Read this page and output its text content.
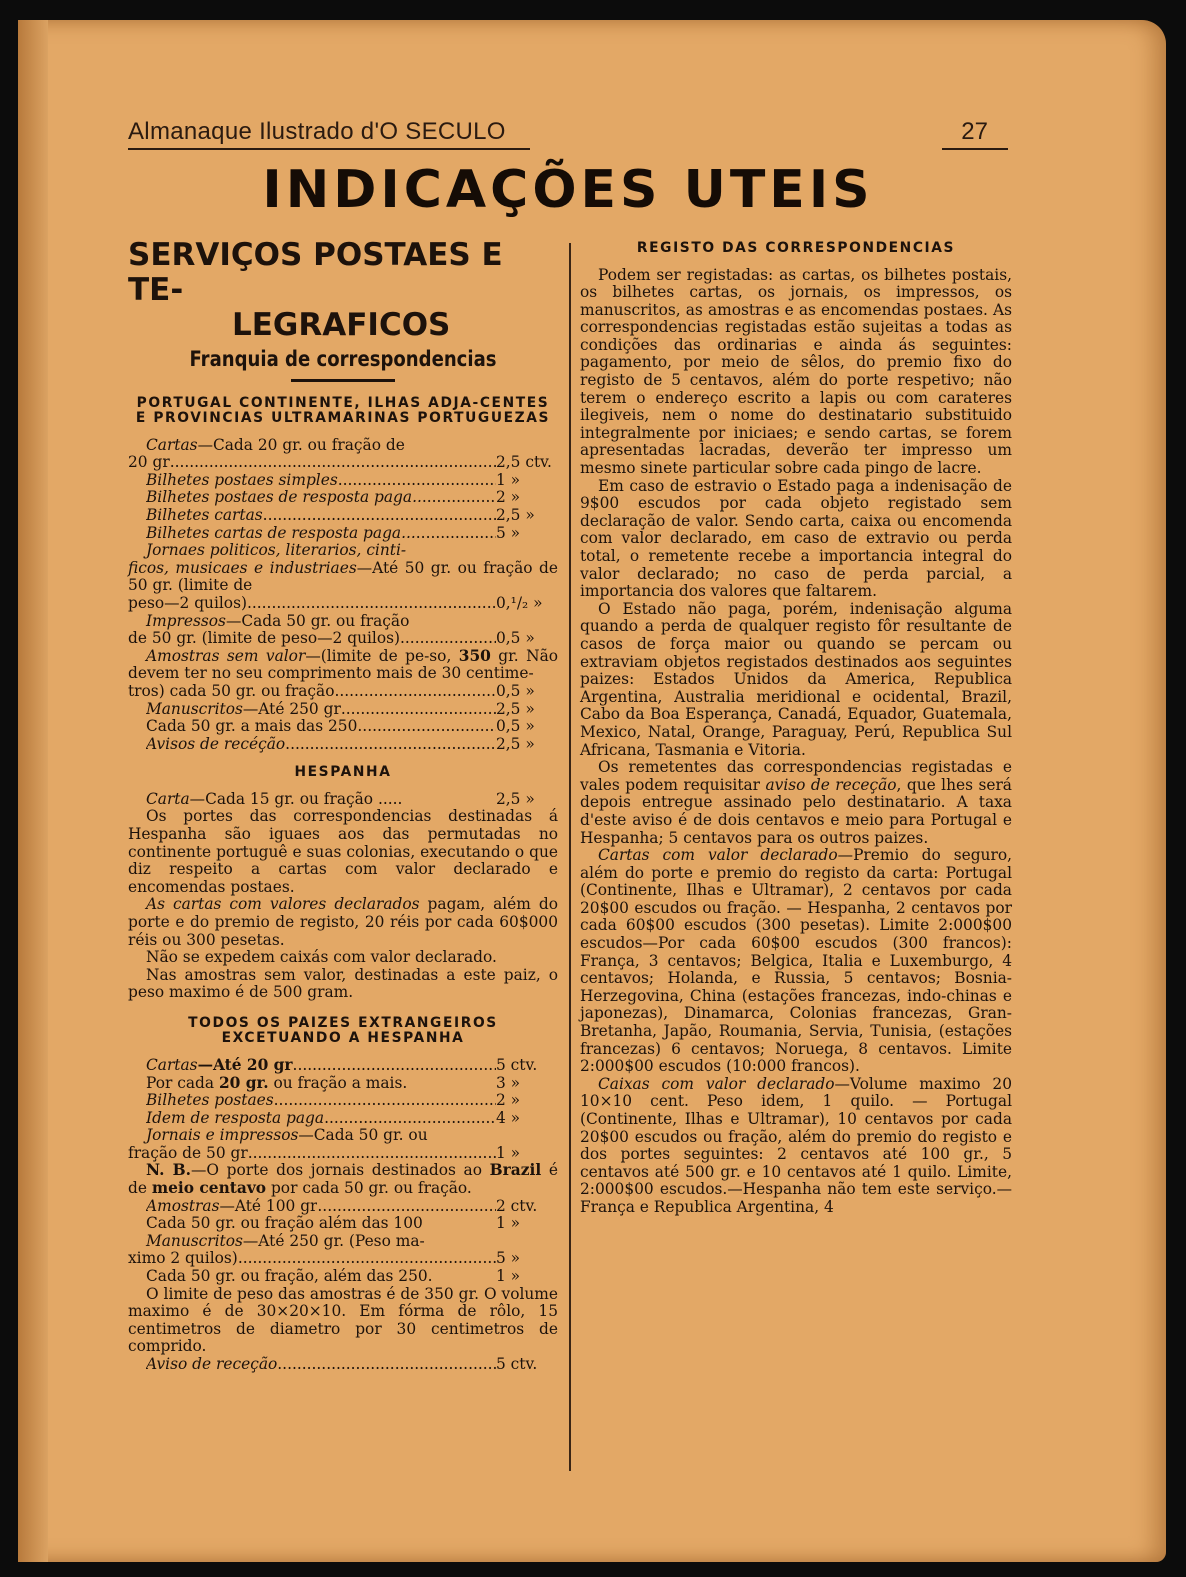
Almanaque Ilustrado d'O SECULO	27
INDICAÇÕES UTEIS
SERVIÇOS POSTAES E TE-
LEGRAFICOS
Franquia de correspondencias
PORTUGAL CONTINENTE, ILHAS ADJA-CENTES E PROVINCIAS ULTRAMARINAS PORTUGUEZAS
Cartas—Cada 20 gr. ou fração de
20 gr .....	2,5 ctv.
Bilhetes postaes simples .....	1 »
Bilhetes postaes de resposta paga.. .....	2 »
Bilhetes cartas .....	2,5 »
Bilhetes cartas de resposta paga... .....	5 »
Jornaes politicos, literarios, cinti-
ficos, musicaes e industriaes—Até 50 gr. ou fração de 50 gr. (limite de
peso—2 quilos) .....	0,¹/₂ »
Impressos—Cada 50 gr. ou fração
de 50 gr. (limite de peso—2 quilos). .....	0,5 »
Amostras sem valor—(limite de pe-so, 350 gr. Não devem ter no seu comprimento mais de 30 centime-
tros) cada 50 gr. ou fração .....	0,5 »
Manuscritos—Até 250 gr .....	2,5 »
Cada 50 gr. a mais das 250 .....	0,5 »
Avisos de recéção .....	2,5 »
HESPANHA
Carta—Cada 15 gr. ou fração .....	2,5 »

Os portes das correspondencias destinadas á Hespanha são iguaes aos das permutadas no continente portuguê e suas colonias, executando o que diz respeito a cartas com valor declarado e encomendas postaes.

As cartas com valores declarados pagam, além do porte e do premio de registo, 20 réis por cada 60$000 réis ou 300 pesetas.

Não se expedem caixás com valor declarado.

Nas amostras sem valor, destinadas a este paiz, o peso maximo é de 500 gram.

TODOS OS PAIZES EXTRANGEIROS EXCETUANDO A HESPANHA
Cartas—Até 20 gr .....	5 ctv.
Por cada 20 gr. ou fração a mais.	3 »
Bilhetes postaes .....	2 »
Idem de resposta paga .....	4 »
Jornais e impressos—Cada 50 gr. ou
fração de 50 gr .....	1 »

N. B.—O porte dos jornais destinados ao Brazil é de meio centavo por cada 50 gr. ou fração.

Amostras—Até 100 gr .....	2 ctv.
Cada 50 gr. ou fração além das 100	1 »
Manuscritos—Até 250 gr. (Peso ma-
ximo 2 quilos) .....	5 »
Cada 50 gr. ou fração, além das 250.	1 »

O limite de peso das amostras é de 350 gr. O volume maximo é de 30×20×10. Em fórma de rôlo, 15 centimetros de diametro por 30 centimetros de comprido.

Aviso de receção .....	5 ctv.
REGISTO DAS CORRESPONDENCIAS

Podem ser registadas: as cartas, os bilhetes postais, os bilhetes cartas, os jornais, os impressos, os manuscritos, as amostras e as encomendas postaes. As correspondencias registadas estão sujeitas a todas as condições das ordinarias e ainda ás seguintes: pagamento, por meio de sêlos, do premio fixo do registo de 5 centavos, além do porte respetivo; não terem o endereço escrito a lapis ou com carateres ilegiveis, nem o nome do destinatario substituido integralmente por iniciaes; e sendo cartas, se forem apresentadas lacradas, deverão ter impresso um mesmo sinete particular sobre cada pingo de lacre.

Em caso de estravio o Estado paga a indenisação de 9$00 escudos por cada objeto registado sem declaração de valor. Sendo carta, caixa ou encomenda com valor declarado, em caso de extravio ou perda total, o remetente recebe a importancia integral do valor declarado; no caso de perda parcial, a importancia dos valores que faltarem.

O Estado não paga, porém, indenisação alguma quando a perda de qualquer registo fôr resultante de casos de força maior ou quando se percam ou extraviam objetos registados destinados aos seguintes paizes: Estados Unidos da America, Republica Argentina, Australia meridional e ocidental, Brazil, Cabo da Boa Esperança, Canadá, Equador, Guatemala, Mexico, Natal, Orange, Paraguay, Perú, Republica Sul Africana, Tasmania e Vitoria.

Os remetentes das correspondencias registadas e vales podem requisitar aviso de receção, que lhes será depois entregue assinado pelo destinatario. A taxa d'este aviso é de dois centavos e meio para Portugal e Hespanha; 5 centavos para os outros paizes.

Cartas com valor declarado—Premio do seguro, além do porte e premio do registo da carta: Portugal (Continente, Ilhas e Ultramar), 2 centavos por cada 20$00 escudos ou fração. — Hespanha, 2 centavos por cada 60$00 escudos (300 pesetas). Limite 2:000$00 escudos—Por cada 60$00 escudos (300 francos): França, 3 centavos; Belgica, Italia e Luxemburgo, 4 centavos; Holanda, e Russia, 5 centavos; Bosnia-Herzegovina, China (estações francezas, indo-chinas e japonezas), Dinamarca, Colonias francezas, Gran-Bretanha, Japão, Roumania, Servia, Tunisia, (estações francezas) 6 centavos; Noruega, 8 centavos. Limite 2:000$00 escudos (10:000 francos).

Caixas com valor declarado—Volume maximo 20 10×10 cent. Peso idem, 1 quilo. — Portugal (Continente, Ilhas e Ultramar), 10 centavos por cada 20$00 escudos ou fração, além do premio do registo e dos portes seguintes: 2 centavos até 100 gr., 5 centavos até 500 gr. e 10 centavos até 1 quilo. Limite, 2:000$00 escudos.—Hespanha não tem este serviço.—França e Republica Argentina, 4
